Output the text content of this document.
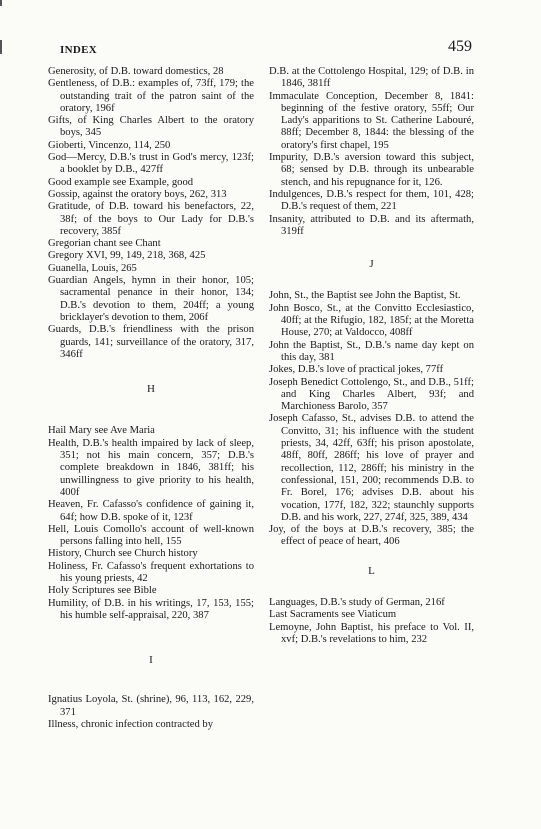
INDEX	459

Generosity, of D.B. toward domestics, 28

Gentleness, of D.B.: examples of, 73ff, 179; the outstanding trait of the patron saint of the oratory, 196f

Gifts, of King Charles Albert to the oratory boys, 345

Gioberti, Vincenzo, 114, 250

God—Mercy, D.B.'s trust in God's mercy, 123f; a booklet by D.B., 427ff

Good example see Example, good

Gossip, against the oratory boys, 262, 313

Gratitude, of D.B. toward his benefactors, 22, 38f; of the boys to Our Lady for D.B.'s recovery, 385f

Gregorian chant see Chant

Gregory XVI, 99, 149, 218, 368, 425

Guanella, Louis, 265

Guardian Angels, hymn in their honor, 105; sacramental penance in their honor, 134; D.B.'s devotion to them, 204ff; a young bricklayer's devotion to them, 206f

Guards, D.B.'s friendliness with the prison guards, 141; surveillance of the oratory, 317, 346ff

H

Hail Mary see Ave Maria

Health, D.B.'s health impaired by lack of sleep, 351; not his main concern, 357; D.B.'s complete breakdown in 1846, 381ff; his unwillingness to give priority to his health, 400f

Heaven, Fr. Cafasso's confidence of gaining it, 64f; how D.B. spoke of it, 123f

Hell, Louis Comollo's account of well-known persons falling into hell, 155

History, Church see Church history

Holiness, Fr. Cafasso's frequent exhortations to his young priests, 42

Holy Scriptures see Bible

Humility, of D.B. in his writings, 17, 153, 155; his humble self-appraisal, 220, 387

I

Ignatius Loyola, St. (shrine), 96, 113, 162, 229, 371

Illness, chronic infection contracted by

D.B. at the Cottolengo Hospital, 129; of D.B. in 1846, 381ff

Immaculate Conception, December 8, 1841: beginning of the festive oratory, 55ff; Our Lady's apparitions to St. Catherine Labouré, 88ff; December 8, 1844: the blessing of the oratory's first chapel, 195

Impurity, D.B.'s aversion toward this subject, 68; sensed by D.B. through its unbearable stench, and his repugnance for it, 126.

Indulgences, D.B.'s respect for them, 101, 428; D.B.'s request of them, 221

Insanity, attributed to D.B. and its aftermath, 319ff

J

John, St., the Baptist see John the Baptist, St.

John Bosco, St., at the Convitto Ecclesiastico, 40ff; at the Rifugio, 182, 185f; at the Moretta House, 270; at Valdocco, 408ff

John the Baptist, St., D.B.'s name day kept on this day, 381

Jokes, D.B.'s love of practical jokes, 77ff

Joseph Benedict Cottolengo, St., and D.B., 51ff; and King Charles Albert, 93f; and Marchioness Barolo, 357

Joseph Cafasso, St., advises D.B. to attend the Convitto, 31; his influence with the student priests, 34, 42ff, 63ff; his prison apostolate, 48ff, 80ff, 286ff; his love of prayer and recollection, 112, 286ff; his ministry in the confessional, 151, 200; recommends D.B. to Fr. Borel, 176; advises D.B. about his vocation, 177f, 182, 322; staunchly supports D.B. and his work, 227, 274f, 325, 389, 434

Joy, of the boys at D.B.'s recovery, 385; the effect of peace of heart, 406

L

Languages, D.B.'s study of German, 216f

Last Sacraments see Viaticum

Lemoyne, John Baptist, his preface to Vol. II, xvf; D.B.'s revelations to him, 232
